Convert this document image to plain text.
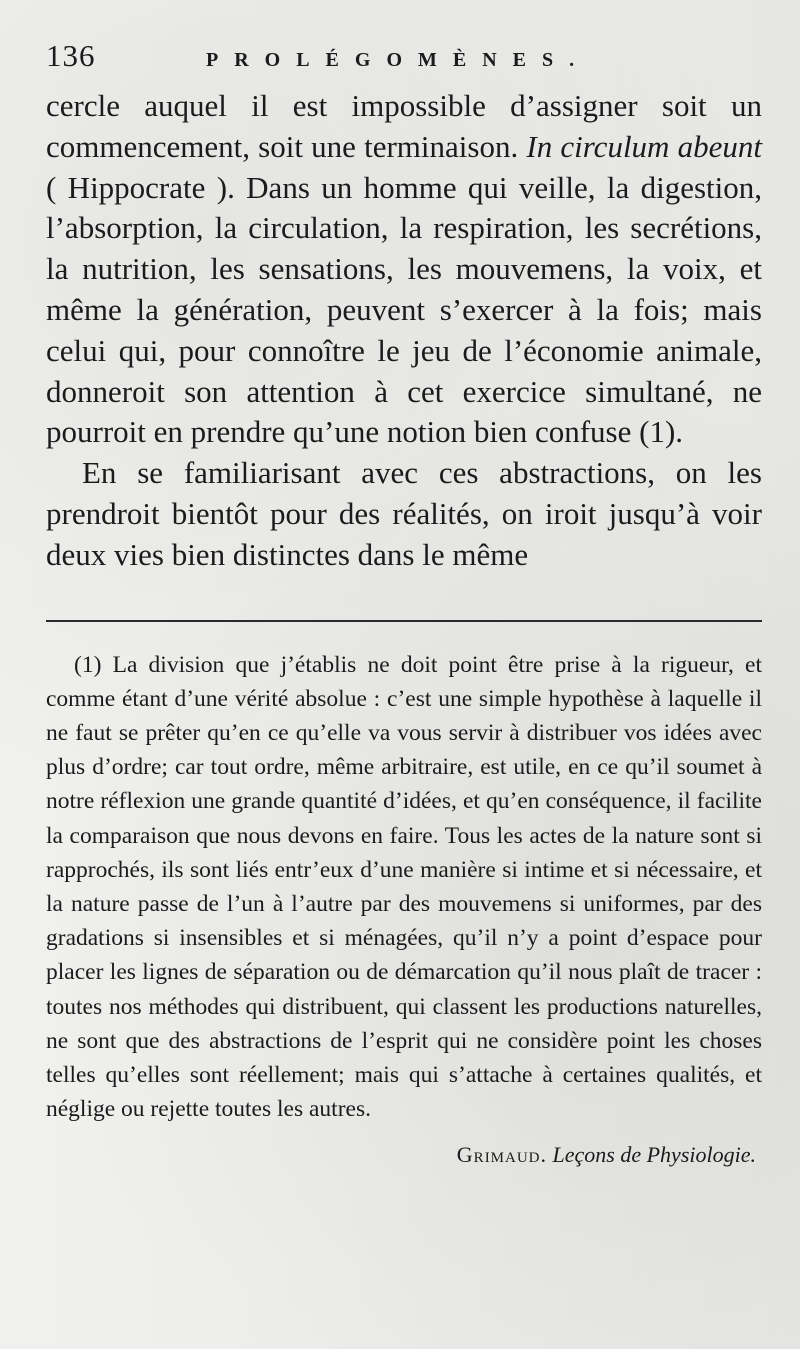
136	PROLÉGOMÈNES.

cercle auquel il est impossible d’assigner soit un commencement, soit une terminaison. In circulum abeunt ( Hippocrate ). Dans un homme qui veille, la digestion, l’absorption, la circulation, la respiration, les secrétions, la nutrition, les sensations, les mouvemens, la voix, et même la génération, peuvent s’exercer à la fois; mais celui qui, pour connoître le jeu de l’économie animale, donneroit son attention à cet exercice simultané, ne pourroit en prendre qu’une notion bien confuse (1).

En se familiarisant avec ces abstractions, on les prendroit bientôt pour des réalités, on iroit jusqu’à voir deux vies bien distinctes dans le même

(1) La division que j’établis ne doit point être prise à la rigueur, et comme étant d’une vérité absolue : c’est une simple hypothèse à laquelle il ne faut se prêter qu’en ce qu’elle va vous servir à distribuer vos idées avec plus d’ordre; car tout ordre, même arbitraire, est utile, en ce qu’il soumet à notre réflexion une grande quantité d’idées, et qu’en conséquence, il facilite la comparaison que nous devons en faire. Tous les actes de la nature sont si rapprochés, ils sont liés entr’eux d’une manière si intime et si nécessaire, et la nature passe de l’un à l’autre par des mouvemens si uniformes, par des gradations si insensibles et si ménagées, qu’il n’y a point d’espace pour placer les lignes de séparation ou de démarcation qu’il nous plaît de tracer : toutes nos méthodes qui distribuent, qui classent les productions naturelles, ne sont que des abstractions de l’esprit qui ne considère point les choses telles qu’elles sont réellement; mais qui s’attache à certaines qualités, et néglige ou rejette toutes les autres.

Grimaud. Leçons de Physiologie.
